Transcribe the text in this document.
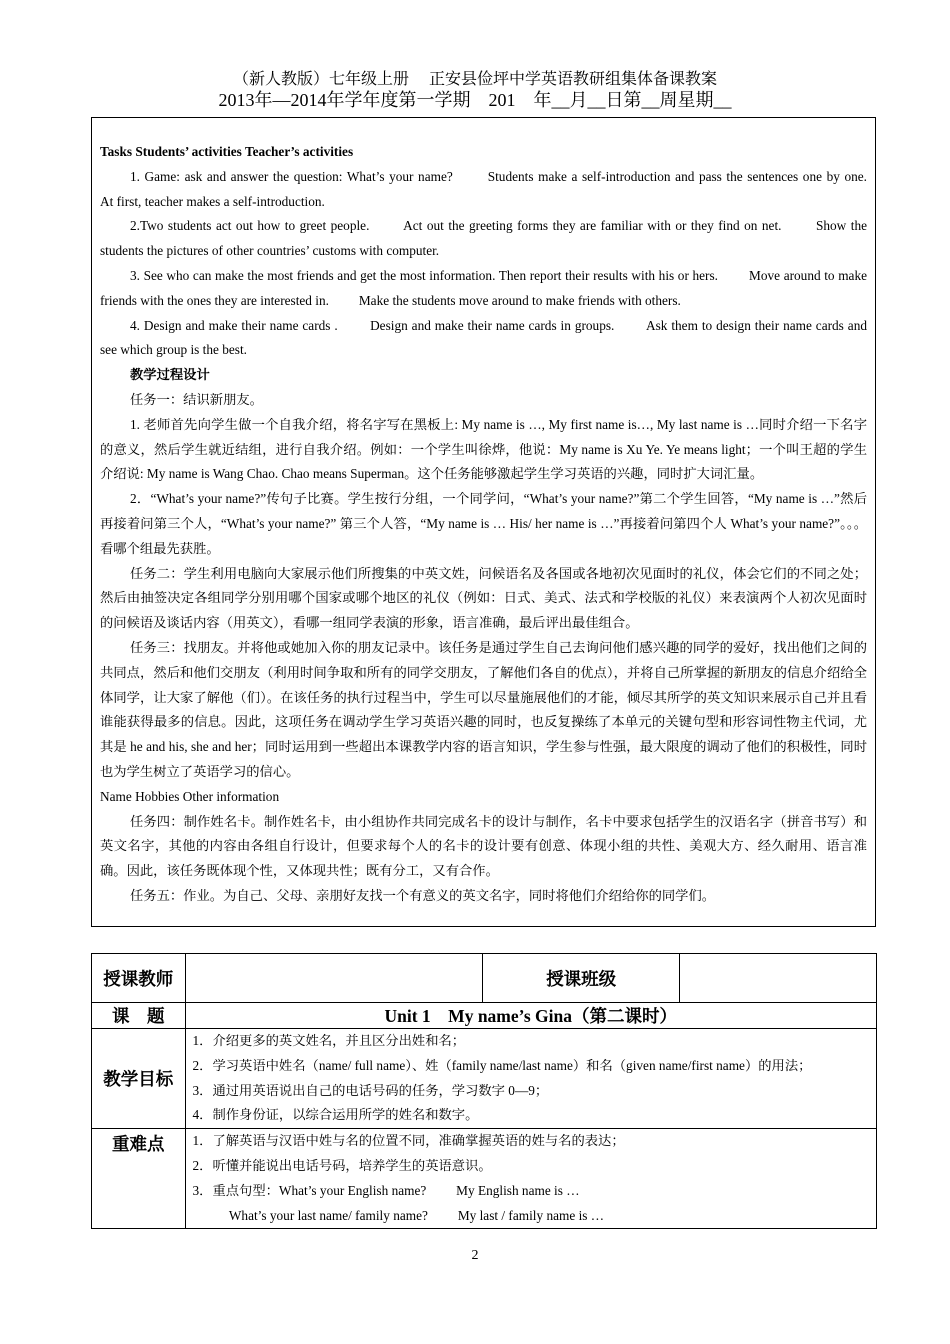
（新人教版）七年级上册　 正安县俭坪中学英语教研组集体备课教案
2013年—2014年学年度第一学期　201　年__月__日第__周星期__

Tasks Students’ activities Teacher’s activities

1. Game: ask and answer the question: What’s your name?　　 Students make a self-introduction and pass the sentences one by one.　　 At first, teacher makes a self-introduction.

2.Two students act out how to greet people.　　 Act out the greeting forms they are familiar with or they find on net.　　 Show the students the pictures of other countries’ customs with computer.

3. See who can make the most friends and get the most information. Then report their results with his or hers.　　 Move around to make friends with the ones they are interested in.　　 Make the students move around to make friends with others.

4. Design and make their name cards .　　 Design and make their name cards in groups.　　 Ask them to design their name cards and see which group is the best.

教学过程设计

任务一：结识新朋友。

1. 老师首先向学生做一个自我介绍，将名字写在黑板上: My name is …, My first name is…, My last name is …同时介绍一下名字的意义，然后学生就近结组，进行自我介绍。例如：一个学生叫徐烨，他说：My name is Xu Ye. Ye means light；一个叫王超的学生介绍说: My name is Wang Chao. Chao means Superman。这个任务能够激起学生学习英语的兴趣，同时扩大词汇量。

2．“What’s your name?”传句子比赛。学生按行分组，一个同学问，“What’s your name?”第二个学生回答，“My name is …”然后再接着问第三个人，“What’s your name?” 第三个人答，“My name is … His/ her name is …”再接着问第四个人 What’s your name?”。。。看哪个组最先获胜。

任务二：学生利用电脑向大家展示他们所搜集的中英文姓，问候语名及各国或各地初次见面时的礼仪，体会它们的不同之处；然后由抽签决定各组同学分别用哪个国家或哪个地区的礼仪（例如：日式、美式、法式和学校版的礼仪）来表演两个人初次见面时的问候语及谈话内容（用英文），看哪一组同学表演的形象，语言准确，最后评出最佳组合。

任务三：找朋友。并将他或她加入你的朋友记录中。该任务是通过学生自己去询问他们感兴趣的同学的爱好，找出他们之间的共同点，然后和他们交朋友（利用时间争取和所有的同学交朋友，了解他们各自的优点），并将自己所掌握的新朋友的信息介绍给全体同学，让大家了解他（们）。在该任务的执行过程当中，学生可以尽量施展他们的才能，倾尽其所学的英文知识来展示自己并且看谁能获得最多的信息。因此，这项任务在调动学生学习英语兴趣的同时，也反复操练了本单元的关键句型和形容词性物主代词，尤其是 he and his, she and her；同时运用到一些超出本课教学内容的语言知识，学生参与性强，最大限度的调动了他们的积极性，同时也为学生树立了英语学习的信心。

Name Hobbies Other information

任务四：制作姓名卡。制作姓名卡，由小组协作共同完成名卡的设计与制作，名卡中要求包括学生的汉语名字（拼音书写）和英文名字，其他的内容由各组自行设计，但要求每个人的名卡的设计要有创意、体现小组的共性、美观大方、经久耐用、语言准确。因此，该任务既体现个性，又体现共性；既有分工，又有合作。

任务五：作业。为自己、父母、亲朋好友找一个有意义的英文名字，同时将他们介绍给你的同学们。

授课教师		授课班级	
课　题	Unit 1　My name’s Gina（第二课时）		
教学目标	1．介绍更多的英文姓名，并且区分出姓和名；
2．学习英语中姓名（name/ full name）、姓（family name/last name）和名（given name/first name）的用法；
3．通过用英语说出自己的电话号码的任务，学习数字 0—9；
4．制作身份证，以综合运用所学的姓名和数字。		

重难点	1．了解英语与汉语中姓与名的位置不同，准确掌握英语的姓与名的表达；
2．听懂并能说出电话号码，培养学生的英语意识。
3．重点句型：What’s your English name?　　 My English name is …
　 What’s your last name/ family name?　　 My last / family name is …		
2
